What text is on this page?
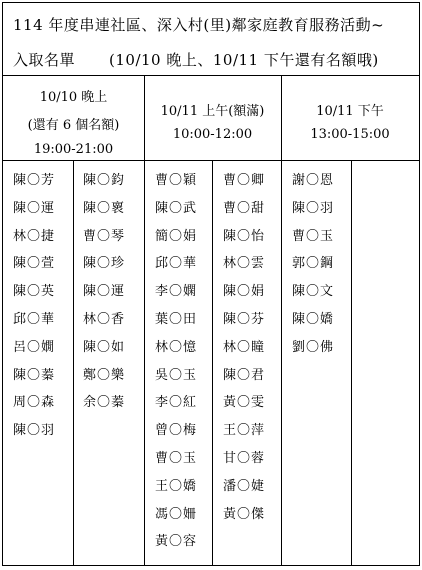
114 年度串連社區、深入村(里)鄰家庭教育服務活動~
入取名單 (10/10 晚上、10/11 下午還有名額哦)
10/10 晚上
(還有 6 個名額)
19:00-21:00
10/11 上午(額滿)
10:00-12:00
10/11 下午
13:00-15:00
陳〇芳
陳〇運
林〇捷
陳〇萱
陳〇英
邱〇華
呂〇嫺
陳〇蓁
周〇森
陳〇羽
陳〇鈞
陳〇褱
曹〇琴
陳〇珍
陳〇運
林〇香
陳〇如
鄭〇樂
余〇蓁
曹〇穎
陳〇武
簡〇娟
邱〇華
李〇嫻
葉〇田
林〇憶
吳〇玉
李〇紅
曾〇梅
曹〇玉
王〇嬌
馮〇姍
黃〇容
曹〇卿
曹〇甜
陳〇怡
林〇雲
陳〇娟
陳〇芬
林〇瞳
陳〇君
黃〇雯
王〇萍
甘〇蓉
潘〇婕
黃〇傑
謝〇恩
陳〇羽
曹〇玉
郭〇鋼
陳〇文
陳〇嬌
劉〇佛
